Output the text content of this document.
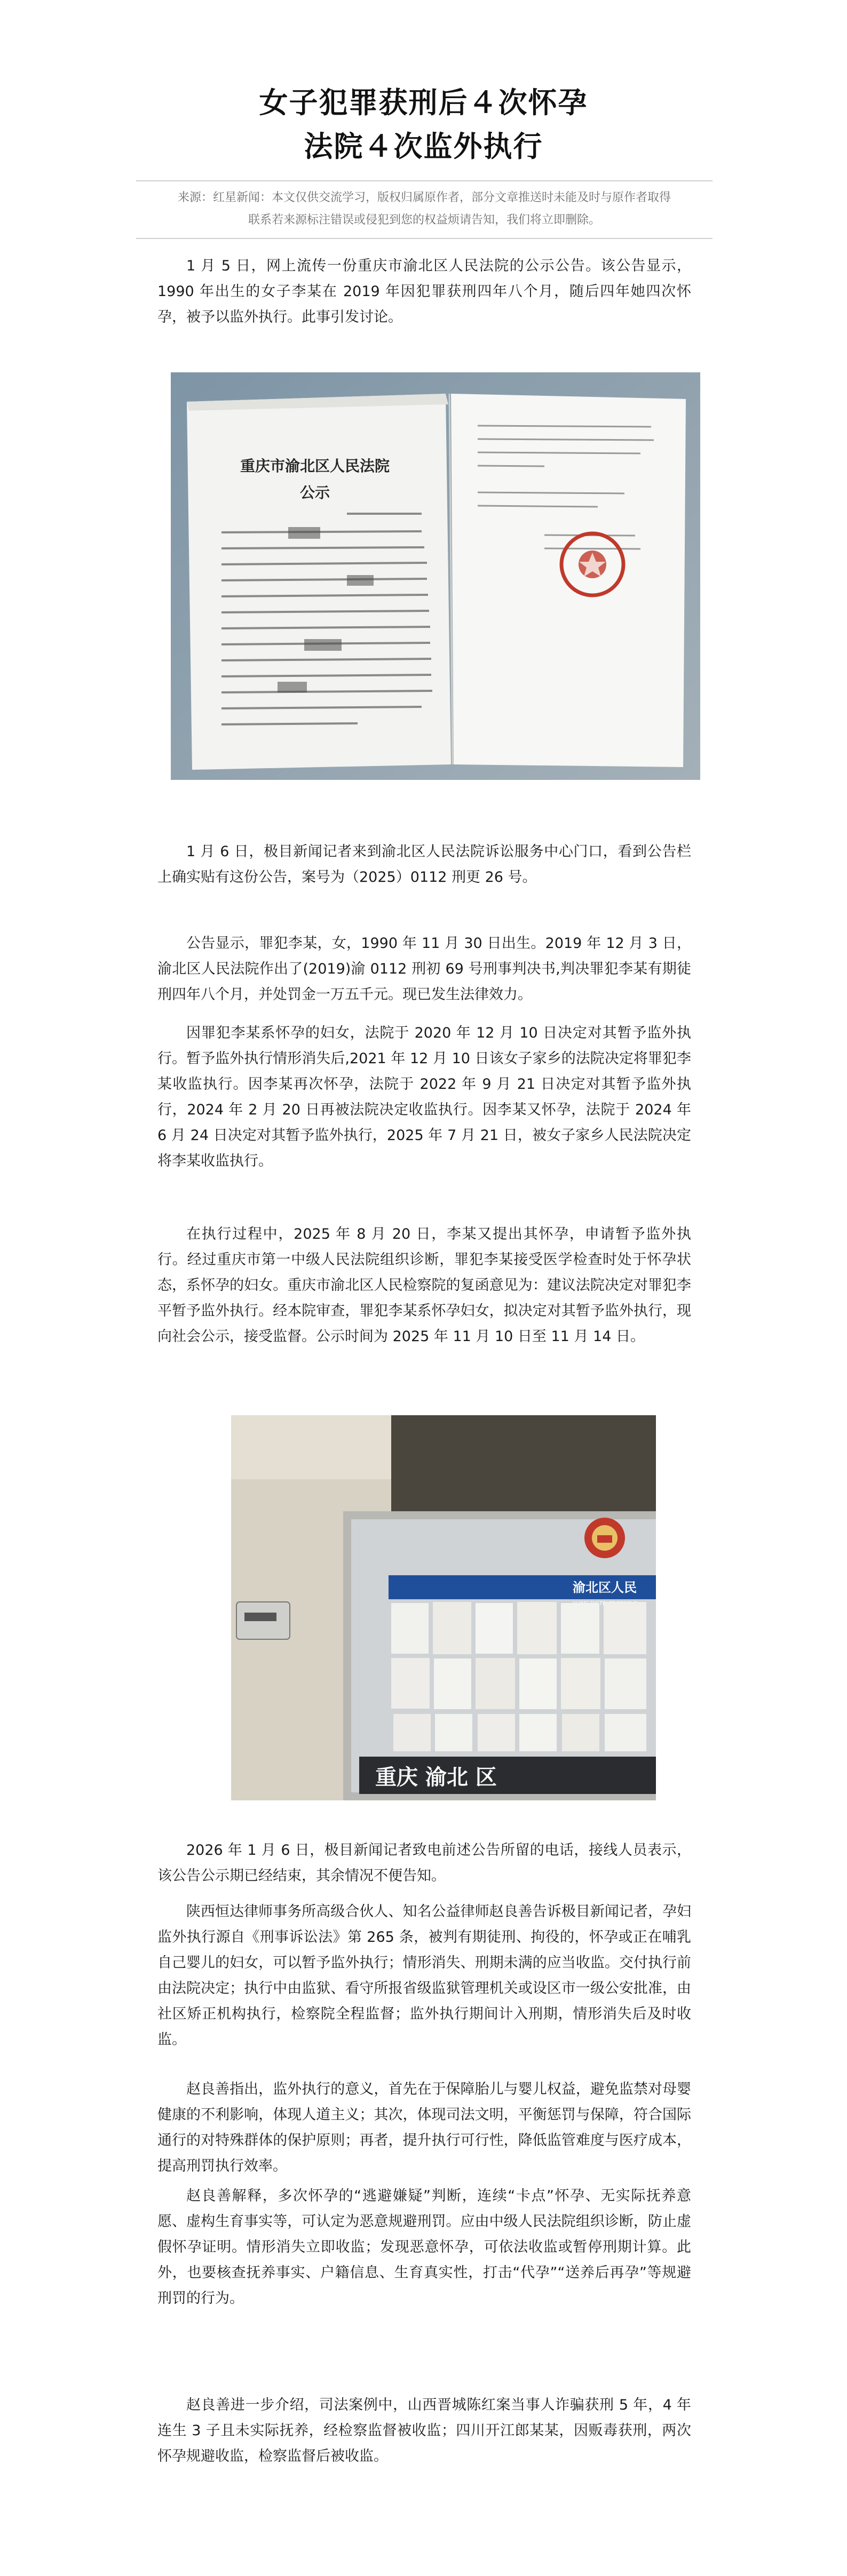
女子犯罪获刑后４次怀孕
法院４次监外执行
来源：红星新闻：本文仅供交流学习，版权归属原作者，部分文章推送时未能及时与原作者取得
联系若来源标注错误或侵犯到您的权益烦请告知，我们将立即删除。

1 月 5 日，网上流传一份重庆市渝北区人民法院的公示公告。该公告显示，1990 年出生的女子李某在 2019 年因犯罪获刑四年八个月，随后四年她四次怀孕，被予以监外执行。此事引发讨论。

重庆市渝北区人民法院
公示

1 月 6 日，极目新闻记者来到渝北区人民法院诉讼服务中心门口，看到公告栏上确实贴有这份公告，案号为（2025）0112 刑更 26 号。

公告显示，罪犯李某，女，1990 年 11 月 30 日出生。2019 年 12 月 3 日，渝北区人民法院作出了(2019)渝 0112 刑初 69 号刑事判决书,判决罪犯李某有期徒刑四年八个月，并处罚金一万五千元。现已发生法律效力。

因罪犯李某系怀孕的妇女，法院于 2020 年 12 月 10 日决定对其暂予监外执行。暂予监外执行情形消失后,2021 年 12 月 10 日该女子家乡的法院决定将罪犯李某收监执行。因李某再次怀孕，法院于 2022 年 9 月 21 日决定对其暂予监外执行，2024 年 2 月 20 日再被法院决定收监执行。因李某又怀孕，法院于 2024 年 6 月 24 日决定对其暂予监外执行，2025 年 7 月 21 日，被女子家乡人民法院决定将李某收监执行。

在执行过程中，2025 年 8 月 20 日，李某又提出其怀孕，申请暂予监外执行。经过重庆市第一中级人民法院组织诊断，罪犯李某接受医学检查时处于怀孕状态，系怀孕的妇女。重庆市渝北区人民检察院的复函意见为：建议法院决定对罪犯李平暂予监外执行。经本院审查，罪犯李某系怀孕妇女，拟决定对其暂予监外执行，现向社会公示，接受监督。公示时间为 2025 年 11 月 10 日至 11 月 14 日。

渝北区人民
DISTRICT
重庆 渝北 区

2026 年 1 月 6 日，极目新闻记者致电前述公告所留的电话，接线人员表示，该公告公示期已经结束，其余情况不便告知。

陕西恒达律师事务所高级合伙人、知名公益律师赵良善告诉极目新闻记者，孕妇监外执行源自《刑事诉讼法》第 265 条，被判有期徒刑、拘役的，怀孕或正在哺乳自己婴儿的妇女，可以暂予监外执行；情形消失、刑期未满的应当收监。交付执行前由法院决定；执行中由监狱、看守所报省级监狱管理机关或设区市一级公安批准，由社区矫正机构执行，检察院全程监督；监外执行期间计入刑期，情形消失后及时收监。

赵良善指出，监外执行的意义，首先在于保障胎儿与婴儿权益，避免监禁对母婴健康的不利影响，体现人道主义；其次，体现司法文明，平衡惩罚与保障，符合国际通行的对特殊群体的保护原则；再者，提升执行可行性，降低监管难度与医疗成本，提高刑罚执行效率。

赵良善解释，多次怀孕的“逃避嫌疑”判断，连续“卡点”怀孕、无实际抚养意愿、虚构生育事实等，可认定为恶意规避刑罚。应由中级人民法院组织诊断，防止虚假怀孕证明。情形消失立即收监；发现恶意怀孕，可依法收监或暂停刑期计算。此外，也要核查抚养事实、户籍信息、生育真实性，打击“代孕”“送养后再孕”等规避刑罚的行为。

赵良善进一步介绍，司法案例中，山西晋城陈红案当事人诈骗获刑 5 年，4 年连生 3 子且未实际抚养，经检察监督被收监；四川开江郎某某，因贩毒获刑，两次怀孕规避收监，检察监督后被收监。
